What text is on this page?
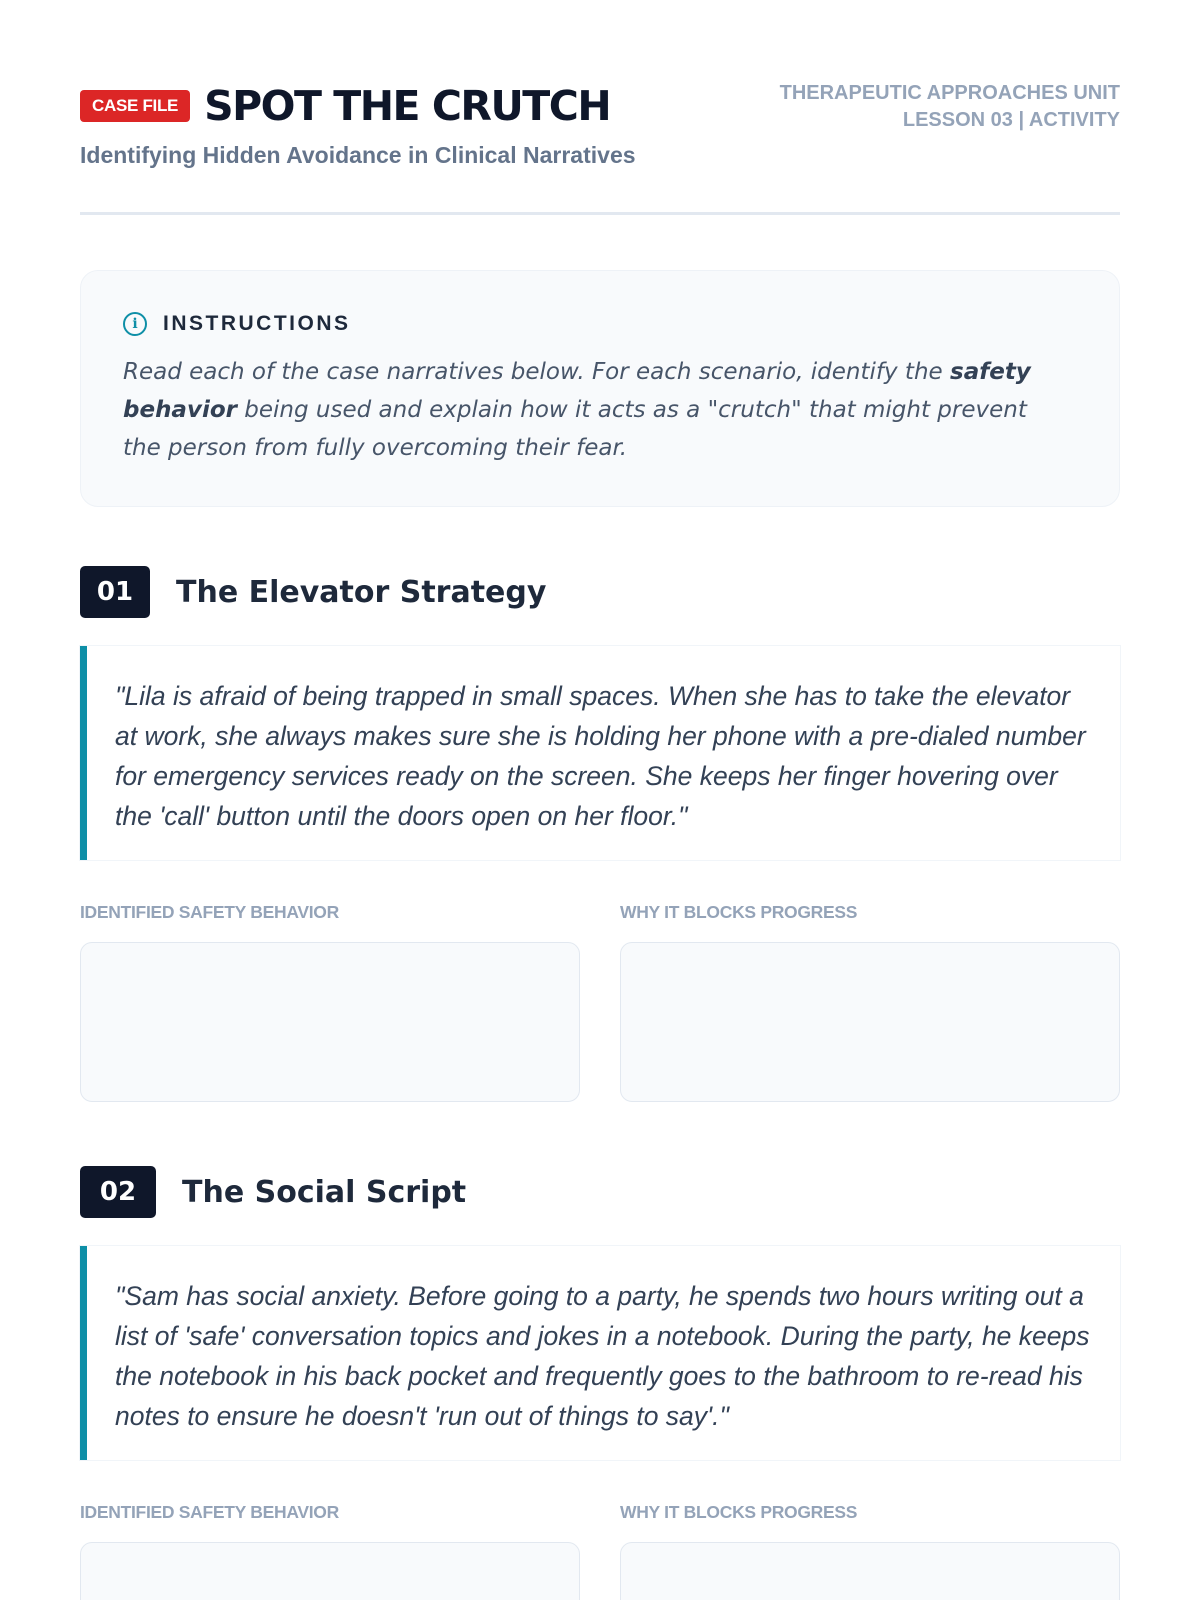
CASE FILE SPOT THE CRUTCH
Identifying Hidden Avoidance in Clinical Narratives
THERAPEUTIC APPROACHES UNIT
LESSON 03 | ACTIVITY
i	INSTRUCTIONS

Read each of the case narratives below. For each scenario, identify the safety behavior being used and explain how it acts as a "crutch" that might prevent the person from fully overcoming their fear.

01	The Elevator Strategy
"Lila is afraid of being trapped in small spaces. When she has to take the elevator at work, she always makes sure she is holding her phone with a pre-dialed number for emergency services ready on the screen. She keeps her finger hovering over the 'call' button until the doors open on her floor."
IDENTIFIED SAFETY BEHAVIOR	WHY IT BLOCKS PROGRESS
02	The Social Script
"Sam has social anxiety. Before going to a party, he spends two hours writing out a list of 'safe' conversation topics and jokes in a notebook. During the party, he keeps the notebook in his back pocket and frequently goes to the bathroom to re-read his notes to ensure he doesn't 'run out of things to say'."
IDENTIFIED SAFETY BEHAVIOR	WHY IT BLOCKS PROGRESS
